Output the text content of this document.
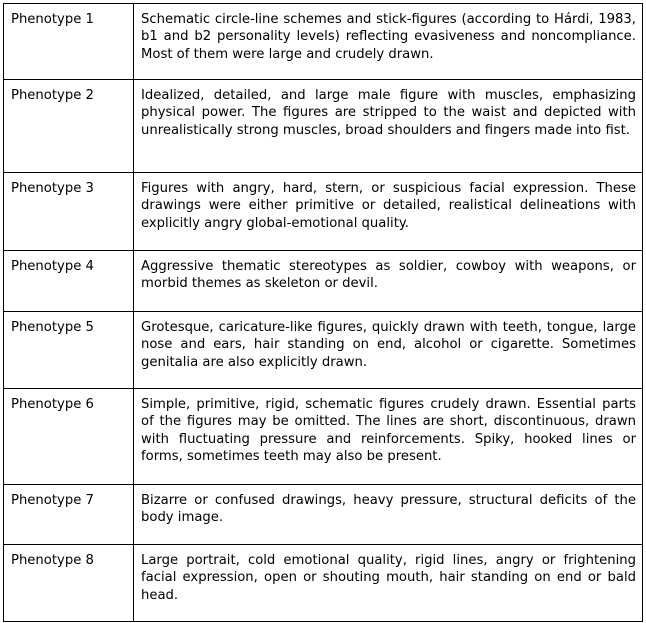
Phenotype 1	Schematic circle-line schemes and stick-figures (according to Hárdi, 1983, b1 and b2 personality levels) reflecting evasiveness and noncompliance. Most of them were large and crudely drawn.
Phenotype 2	Idealized, detailed, and large male figure with muscles, emphasizing physical power. The figures are stripped to the waist and depicted with unrealistically strong muscles, broad shoulders and fingers made into fist.
Phenotype 3	Figures with angry, hard, stern, or suspicious facial expression. These drawings were either primitive or detailed, realistical delineations with explicitly angry global-emotional quality.
Phenotype 4	Aggressive thematic stereotypes as soldier, cowboy with weapons, or morbid themes as skeleton or devil.
Phenotype 5	Grotesque, caricature-like figures, quickly drawn with teeth, tongue, large nose and ears, hair standing on end, alcohol or cigarette. Sometimes genitalia are also explicitly drawn.
Phenotype 6	Simple, primitive, rigid, schematic figures crudely drawn. Essential parts of the figures may be omitted. The lines are short, discontinuous, drawn with fluctuating pressure and reinforcements. Spiky, hooked lines or forms, sometimes teeth may also be present.
Phenotype 7	Bizarre or confused drawings, heavy pressure, structural deficits of the body image.
Phenotype 8	Large portrait, cold emotional quality, rigid lines, angry or frightening facial expression, open or shouting mouth, hair standing on end or bald head.
